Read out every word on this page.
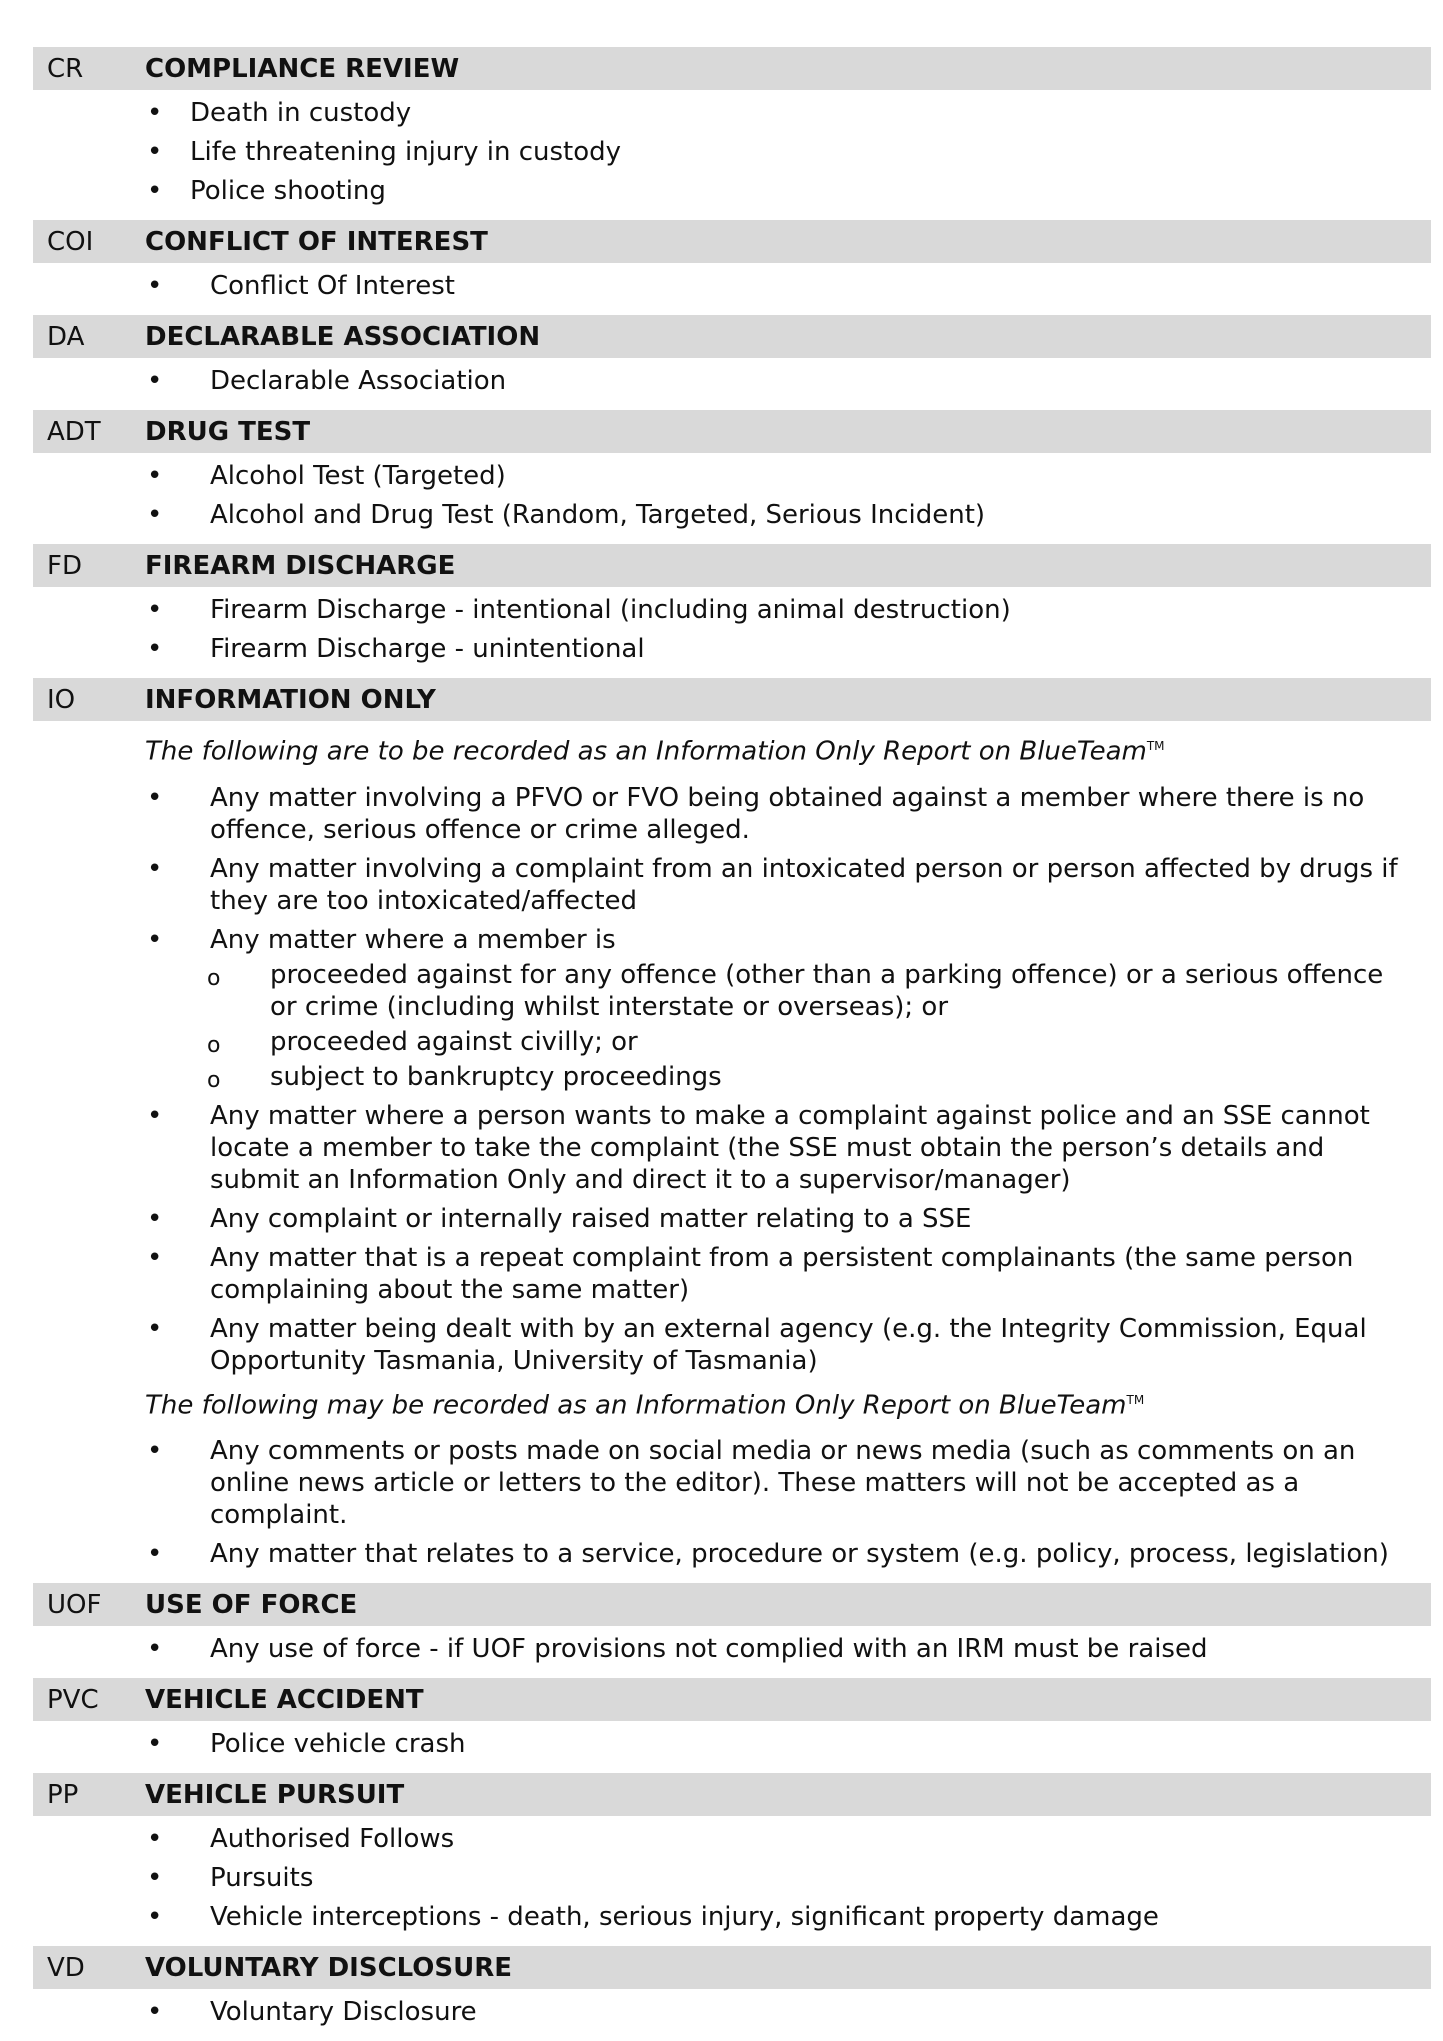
CR	COMPLIANCE REVIEW
• Death in custody
• Life threatening injury in custody
• Police shooting
COI	CONFLICT OF INTEREST
• Conflict Of Interest
DA	DECLARABLE ASSOCIATION
• Declarable Association
ADT	DRUG TEST
• Alcohol Test (Targeted)
• Alcohol and Drug Test (Random, Targeted, Serious Incident)
FD	FIREARM DISCHARGE
• Firearm Discharge - intentional (including animal destruction)
• Firearm Discharge - unintentional
IO	INFORMATION ONLY
The following are to be recorded as an Information Only Report on BlueTeam™
• Any matter involving a PFVO or FVO being obtained against a member where there is no offence, serious offence or crime alleged.
• Any matter involving a complaint from an intoxicated person or person affected by drugs if they are too intoxicated/affected
• Any matter where a member is
o proceeded against for any offence (other than a parking offence) or a serious offence or crime (including whilst interstate or overseas); or
o proceeded against civilly; or
o subject to bankruptcy proceedings
• Any matter where a person wants to make a complaint against police and an SSE cannot locate a member to take the complaint (the SSE must obtain the person’s details and submit an Information Only and direct it to a supervisor/manager)
• Any complaint or internally raised matter relating to a SSE
• Any matter that is a repeat complaint from a persistent complainants (the same person complaining about the same matter)
• Any matter being dealt with by an external agency (e.g. the Integrity Commission, Equal Opportunity Tasmania, University of Tasmania)
The following may be recorded as an Information Only Report on BlueTeam™
• Any comments or posts made on social media or news media (such as comments on an online news article or letters to the editor). These matters will not be accepted as a complaint.
• Any matter that relates to a service, procedure or system (e.g. policy, process, legislation)
UOF	USE OF FORCE
• Any use of force - if UOF provisions not complied with an IRM must be raised
PVC	VEHICLE ACCIDENT
• Police vehicle crash
PP	VEHICLE PURSUIT
• Authorised Follows
• Pursuits
• Vehicle interceptions - death, serious injury, significant property damage
VD	VOLUNTARY DISCLOSURE
• Voluntary Disclosure
